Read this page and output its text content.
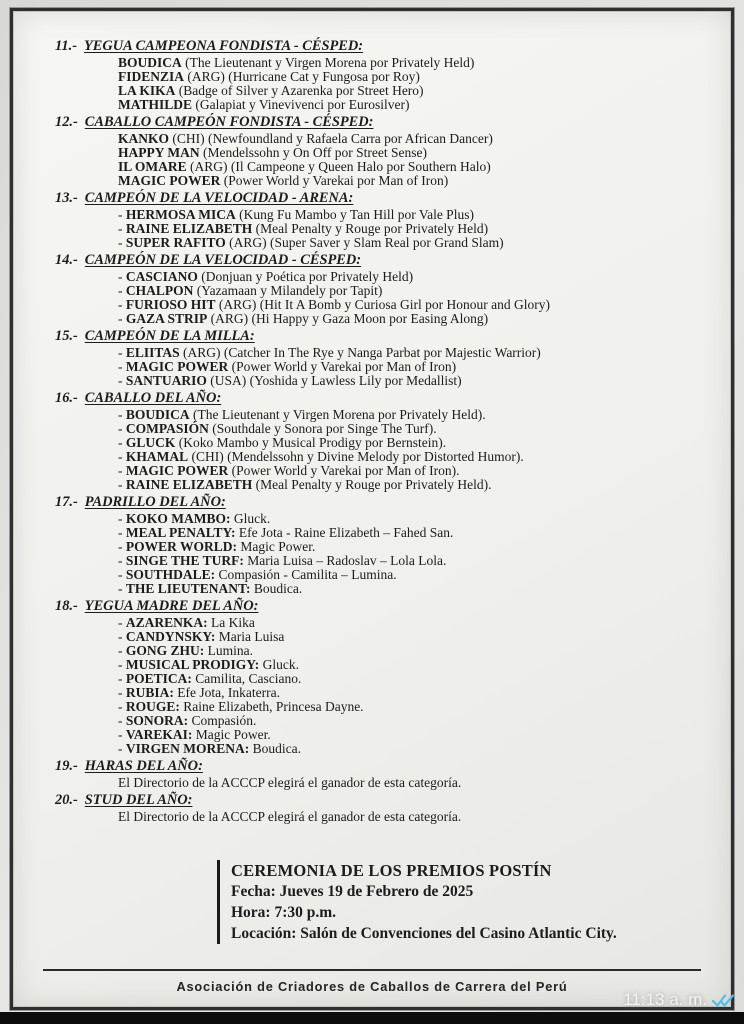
11.- YEGUA CAMPEONA FONDISTA - CÉSPED:
BOUDICA (The Lieutenant y Virgen Morena por Privately Held)
FIDENZIA (ARG) (Hurricane Cat y Fungosa por Roy)
LA KIKA (Badge of Silver y Azarenka por Street Hero)
MATHILDE (Galapiat y Vinevivenci por Eurosilver)
12.- CABALLO CAMPEÓN FONDISTA - CÉSPED:
KANKO (CHI) (Newfoundland y Rafaela Carra por African Dancer)
HAPPY MAN (Mendelssohn y On Off por Street Sense)
IL OMARE (ARG) (Il Campeone y Queen Halo por Southern Halo)
MAGIC POWER (Power World y Varekai por Man of Iron)
13.- CAMPEÓN DE LA VELOCIDAD - ARENA:
- HERMOSA MICA (Kung Fu Mambo y Tan Hill por Vale Plus)
- RAINE ELIZABETH (Meal Penalty y Rouge por Privately Held)
- SUPER RAFITO (ARG) (Super Saver y Slam Real por Grand Slam)
14.- CAMPEÓN DE LA VELOCIDAD - CÉSPED:
- CASCIANO (Donjuan y Poética por Privately Held)
- CHALPON (Yazamaan y Milandely por Tapit)
- FURIOSO HIT (ARG) (Hit It A Bomb y Curiosa Girl por Honour and Glory)
- GAZA STRIP (ARG) (Hi Happy y Gaza Moon por Easing Along)
15.- CAMPEÓN DE LA MILLA:
- ELIITAS (ARG) (Catcher In The Rye y Nanga Parbat por Majestic Warrior)
- MAGIC POWER (Power World y Varekai por Man of Iron)
- SANTUARIO (USA) (Yoshida y Lawless Lily por Medallist)
16.- CABALLO DEL AÑO:
- BOUDICA (The Lieutenant y Virgen Morena por Privately Held).
- COMPASIÓN (Southdale y Sonora por Singe The Turf).
- GLUCK (Koko Mambo y Musical Prodigy por Bernstein).
- KHAMAL (CHI) (Mendelssohn y Divine Melody por Distorted Humor).
- MAGIC POWER (Power World y Varekai por Man of Iron).
- RAINE ELIZABETH (Meal Penalty y Rouge por Privately Held).
17.- PADRILLO DEL AÑO:
- KOKO MAMBO: Gluck.
- MEAL PENALTY: Efe Jota - Raine Elizabeth – Fahed San.
- POWER WORLD: Magic Power.
- SINGE THE TURF: Maria Luisa – Radoslav – Lola Lola.
- SOUTHDALE: Compasión - Camilita – Lumina.
- THE LIEUTENANT: Boudica.
18.- YEGUA MADRE DEL AÑO:
- AZARENKA: La Kika
- CANDYNSKY: Maria Luisa
- GONG ZHU: Lumina.
- MUSICAL PRODIGY: Gluck.
- POETICA: Camilita, Casciano.
- RUBIA: Efe Jota, Inkaterra.
- ROUGE: Raine Elizabeth, Princesa Dayne.
- SONORA: Compasión.
- VAREKAI: Magic Power.
- VIRGEN MORENA: Boudica.
19.- HARAS DEL AÑO:
El Directorio de la ACCCP elegirá el ganador de esta categoría.
20.- STUD DEL AÑO:
El Directorio de la ACCCP elegirá el ganador de esta categoría.
CEREMONIA DE LOS PREMIOS POSTÍN
Fecha: Jueves 19 de Febrero de 2025
Hora: 7:30 p.m.
Locación: Salón de Convenciones del Casino Atlantic City.
Asociación de Criadores de Caballos de Carrera del Perú
11:13 a. m.
